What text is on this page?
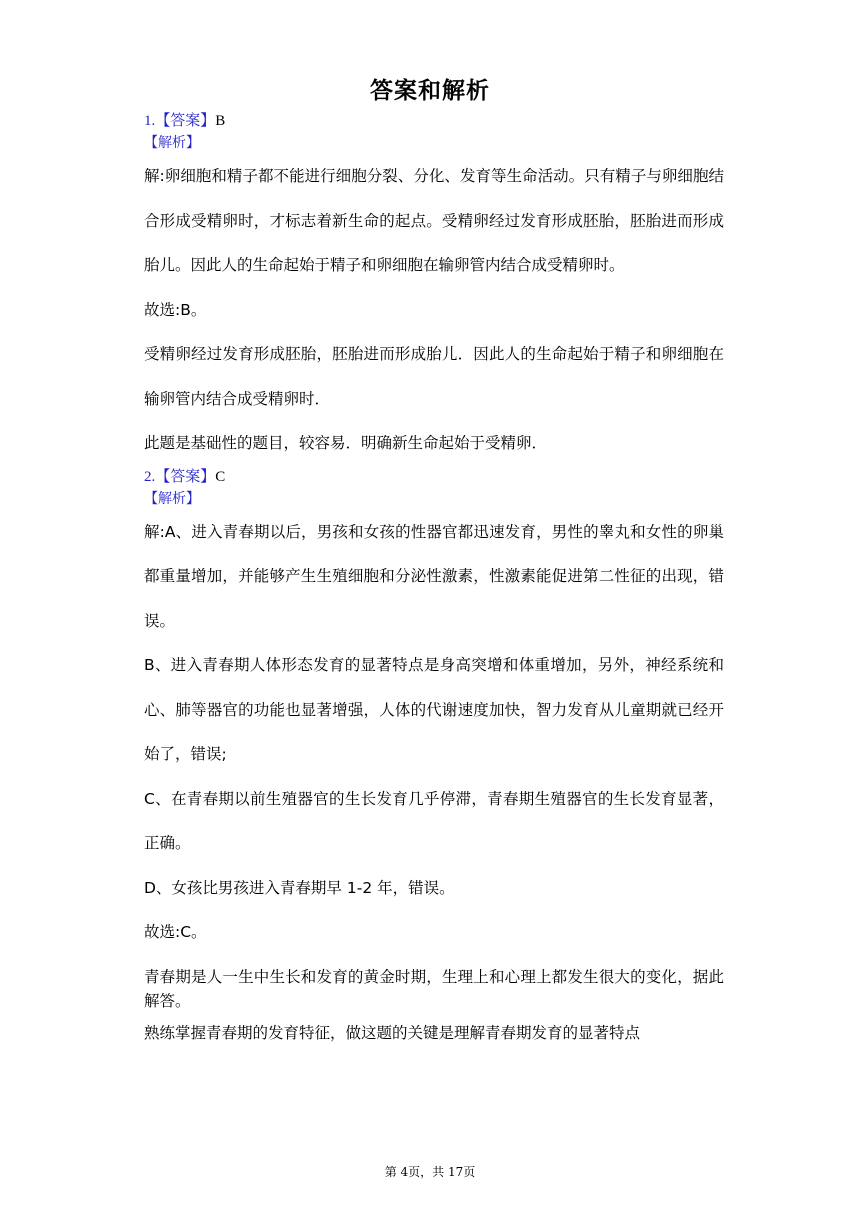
答案和解析
1.【答案】B
【解析】

解:卵细胞和精子都不能进行细胞分裂、分化、发育等生命活动。只有精子与卵细胞结合形成受精卵时，才标志着新生命的起点。受精卵经过发育形成胚胎，胚胎进而形成胎儿。因此人的生命起始于精子和卵细胞在输卵管内结合成受精卵时。

故选:B。

受精卵经过发育形成胚胎，胚胎进而形成胎儿．因此人的生命起始于精子和卵细胞在输卵管内结合成受精卵时．

此题是基础性的题目，较容易．明确新生命起始于受精卵．

2.【答案】C
【解析】

解:A、进入青春期以后，男孩和女孩的性器官都迅速发育，男性的睾丸和女性的卵巢都重量增加，并能够产生生殖细胞和分泌性激素，性激素能促进第二性征的出现，错误。

B、进入青春期人体形态发育的显著特点是身高突增和体重增加，另外，神经系统和心、肺等器官的功能也显著增强，人体的代谢速度加快，智力发育从儿童期就已经开始了，错误;

C、在青春期以前生殖器官的生长发育几乎停滞，青春期生殖器官的生长发育显著，正确。

D、女孩比男孩进入青春期早 1-2 年，错误。

故选:C。

青春期是人一生中生长和发育的黄金时期，生理上和心理上都发生很大的变化，据此解答。

熟练掌握青春期的发育特征，做这题的关键是理解青春期发育的显著特点

第 4页，共 17页
